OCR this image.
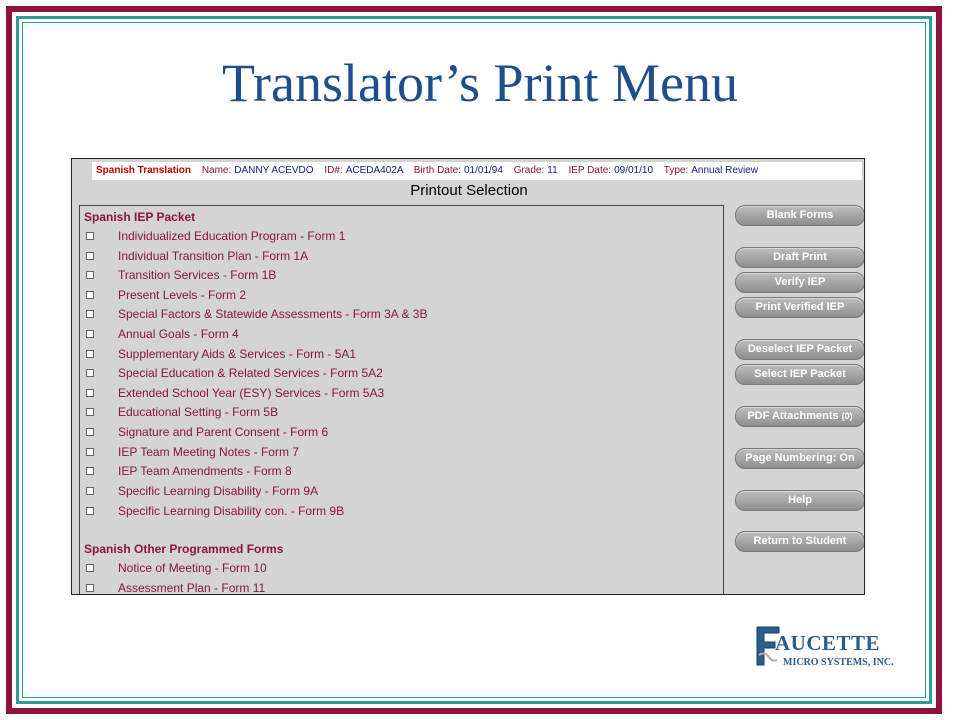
Translator’s Print Menu
Spanish Translation Name: DANNY ACEVDO ID#: ACEDA402A Birth Date: 01/01/94 Grade: 11 IEP Date: 09/01/10 Type: Annual Review
Printout Selection
Spanish IEP Packet
Individualized Education Program - Form 1
Individual Transition Plan - Form 1A
Transition Services - Form 1B
Present Levels - Form 2
Special Factors & Statewide Assessments - Form 3A & 3B
Annual Goals - Form 4
Supplementary Aids & Services - Form - 5A1
Special Education & Related Services - Form 5A2
Extended School Year (ESY) Services - Form 5A3
Educational Setting - Form 5B
Signature and Parent Consent - Form 6
IEP Team Meeting Notes - Form 7
IEP Team Amendments - Form 8
Specific Learning Disability - Form 9A
Specific Learning Disability con. - Form 9B
Spanish Other Programmed Forms
Notice of Meeting - Form 10
Assessment Plan - Form 11
Blank Forms
Draft Print
Verify IEP
Print Verified IEP
Deselect IEP Packet
Select IEP Packet
PDF Attachments (0)
Page Numbering: On
Help
Return to Student
AUCETTE
MICRO SYSTEMS, INC.
